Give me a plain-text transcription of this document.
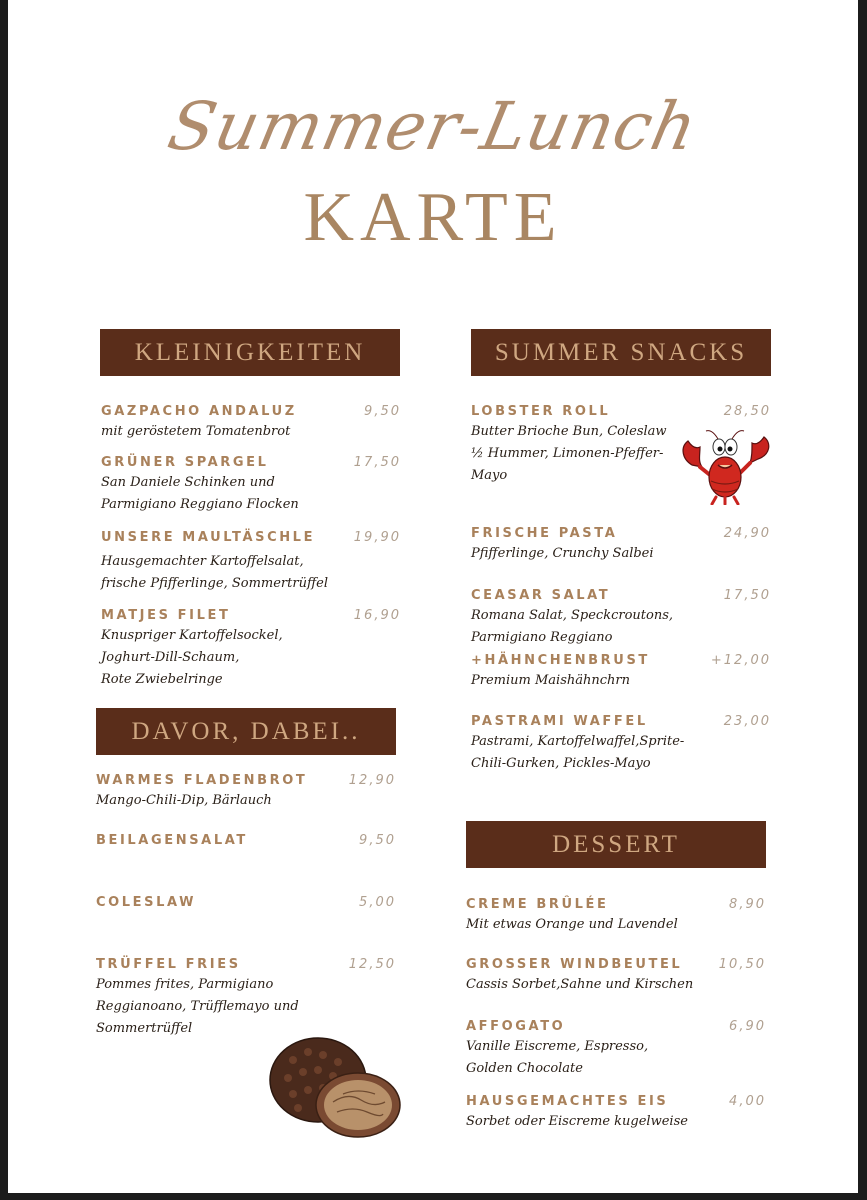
Summer-Lunch
KARTE
KLEINIGKEITEN
GAZPACHO ANDALUZ	9,50
mit geröstetem Tomatenbrot
GRÜNER SPARGEL	17,50
San Daniele Schinken und
Parmigiano Reggiano Flocken
UNSERE MAULTÄSCHLE	19,90
Hausgemachter Kartoffelsalat,
frische Pfifferlinge, Sommertrüffel
MATJES FILET	16,90
Knuspriger Kartoffelsockel,
Joghurt-Dill-Schaum,
Rote Zwiebelringe
DAVOR, DABEI..
WARMES FLADENBROT	12,90
Mango-Chili-Dip, Bärlauch
BEILAGENSALAT	9,50
COLESLAW	5,00
TRÜFFEL FRIES	12,50
Pommes frites, Parmigiano
Reggianoano, Trüfflemayo und
Sommertrüffel
SUMMER SNACKS
LOBSTER ROLL	28,50
Butter Brioche Bun, Coleslaw
½ Hummer, Limonen-Pfeffer-
Mayo
FRISCHE PASTA	24,90
Pfifferlinge, Crunchy Salbei
CEASAR SALAT	17,50
Romana Salat, Speckcroutons,
Parmigiano Reggiano
+HÄHNCHENBRUST	+12,00
Premium Maishähnchrn
PASTRAMI WAFFEL	23,00
Pastrami, Kartoffelwaffel,Sprite-
Chili-Gurken, Pickles-Mayo
DESSERT
CREME BRÛLÉE	8,90
Mit etwas Orange und Lavendel
GROSSER WINDBEUTEL	10,50
Cassis Sorbet,Sahne und Kirschen
AFFOGATO	6,90
Vanille Eiscreme, Espresso,
Golden Chocolate
HAUSGEMACHTES EIS	4,00
Sorbet oder Eiscreme kugelweise
